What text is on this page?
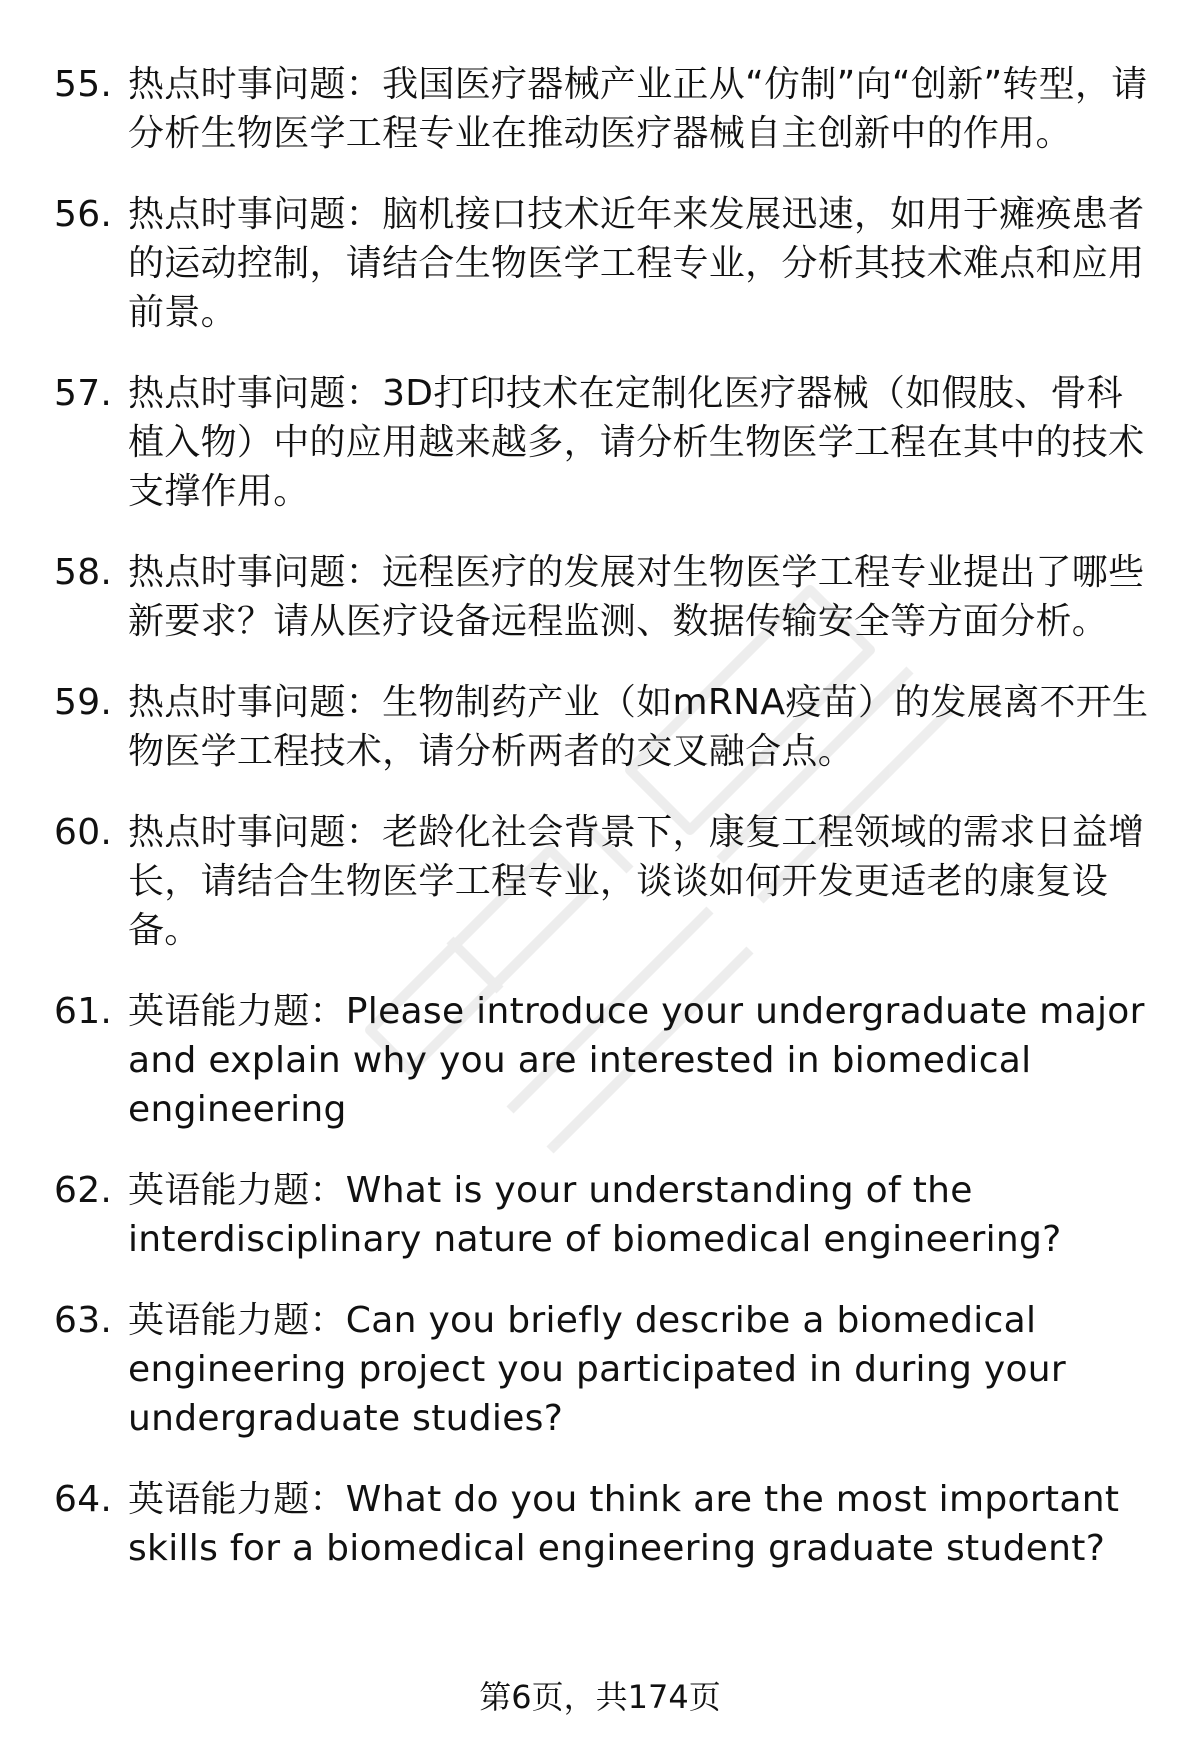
55. 热点时事问题：我国医疗器械产业正从“仿制”向“创新”转型，请分析生物医学工程专业在推动医疗器械自主创新中的作用。
56. 热点时事问题：脑机接口技术近年来发展迅速，如用于瘫痪患者的运动控制，请结合生物医学工程专业，分析其技术难点和应用前景。
57. 热点时事问题：3D打印技术在定制化医疗器械（如假肢、骨科植入物）中的应用越来越多，请分析生物医学工程在其中的技术支撑作用。
58. 热点时事问题：远程医疗的发展对生物医学工程专业提出了哪些新要求？请从医疗设备远程监测、数据传输安全等方面分析。
59. 热点时事问题：生物制药产业（如mRNA疫苗）的发展离不开生物医学工程技术，请分析两者的交叉融合点。
60. 热点时事问题：老龄化社会背景下，康复工程领域的需求日益增长，请结合生物医学工程专业，谈谈如何开发更适老的康复设备。
61. 英语能力题：Please introduce your undergraduate major and explain why you are interested in biomedical engineering
62. 英语能力题：What is your understanding of the interdisciplinary nature of biomedical engineering?
63. 英语能力题：Can you briefly describe a biomedical engineering project you participated in during your undergraduate studies?
64. 英语能力题：What do you think are the most important skills for a biomedical engineering graduate student?
第6页，共174页
